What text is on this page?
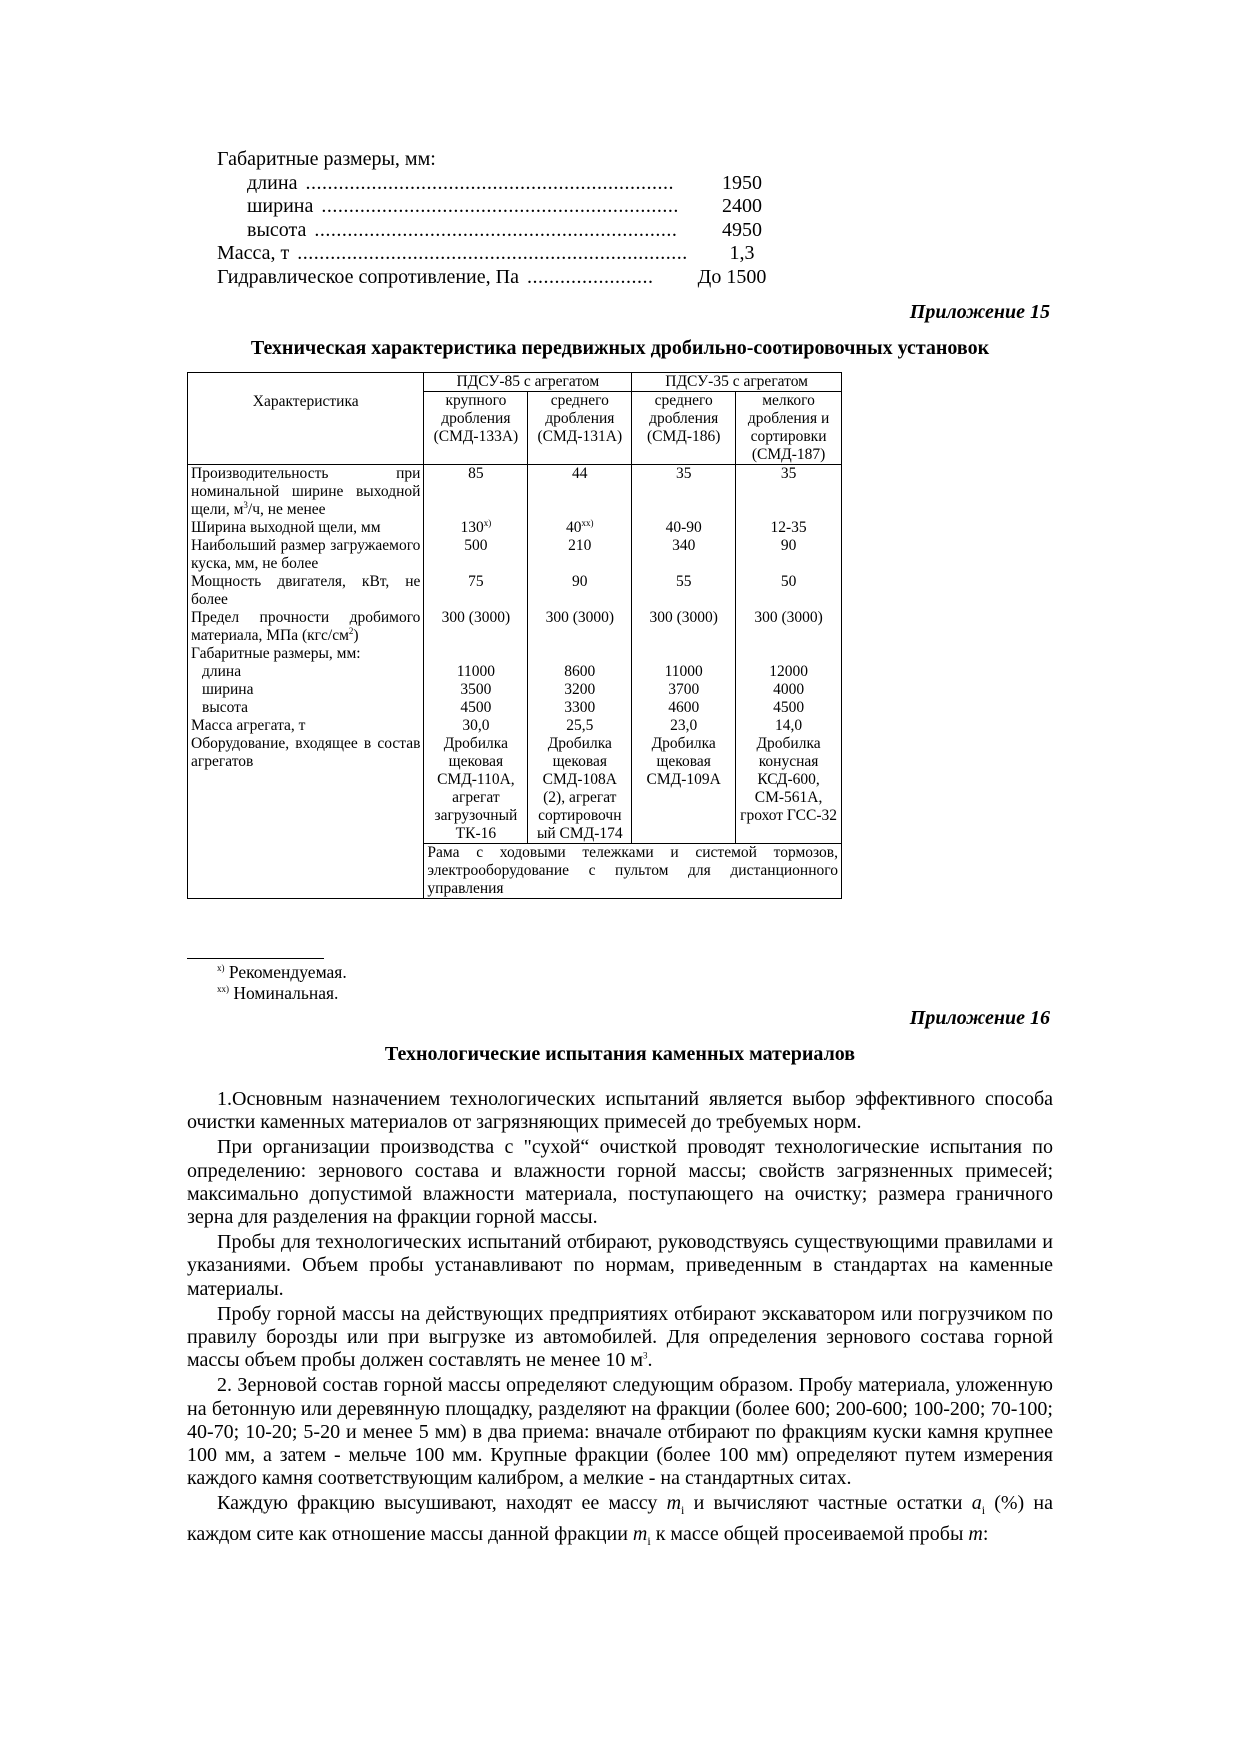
Габаритные размеры, мм:
длина ...................................................................	1950
ширина .................................................................	2400
высота ..................................................................	4950
Масса, т .......................................................................	1,3
Гидравлическое сопротивление, Па .......................	До 1500
Приложение 15
Техническая характеристика передвижных дробильно-соотировочных установок
Характеристика	ПДСУ-85 с агрегатом		ПДСУ-35 с агрегатом	
	крупного дробления (СМД-133А)	среднего дробления (СМД-131А)	среднего дробления (СМД-186)	мелкого дробления и сортировки (СМД-187)
Производительность при номинальной ширине выходной щели, $м^3/ч$, не менее	85	44	35	35
Ширина выходной щели, мм	130$^{x)}$	40$^{xx)}$	40-90	12-35
Наибольший размер загружаемого куска, мм, не более	500	210	340	90
Мощность двигателя, кВт, не более	75	90	55	50
Предел прочности дробимого материала, МПа $(кгс/см^2)$	300 (3000)	300 (3000)	300 (3000)	300 (3000)
Габаритные размеры, мм:				
длина	11000	8600	11000	12000
ширина	3500	3200	3700	4000
высота	4500	3300	4600	4500
Масса агрегата, т	30,0	25,5	23,0	14,0
Оборудование, входящее в состав агрегатов	Дробилка щековая СМД-110А, агрегат загрузочный ТК-16	Дробилка щековая СМД-108А (2), агрегат сортировочн ый СМД-174	Дробилка щековая СМД-109А	Дробилка конусная КСД-600, СМ-561А, грохот ГСС-32
	Рама с ходовыми тележками и системой тормозов, электрооборудование с пультом для дистанционного управления			
$^{x)}$ Рекомендуемая.
$^{xx)}$ Номинальная.
Приложение 16
Технологические испытания каменных материалов

1.Основным назначением технологических испытаний является выбор эффективного способа очистки каменных материалов от загрязняющих примесей до требуемых норм.

При организации производства с "сухой“ очисткой проводят технологические испытания по определению: зернового состава и влажности горной массы; свойств загрязненных примесей; максимально допустимой влажности материала, поступающего на очистку; размера граничного зерна для разделения на фракции горной массы.

Пробы для технологических испытаний отбирают, руководствуясь существующими правилами и указаниями. Объем пробы устанавливают по нормам, приведенным в стандартах на каменные материалы.

Пробу горной массы на действующих предприятиях отбирают экскаватором или погрузчиком по правилу борозды или при выгрузке из автомобилей. Для определения зернового состава горной массы объем пробы должен составлять не менее 10 $м^3$.

2. Зерновой состав горной массы определяют следующим образом. Пробу материала, уложенную на бетонную или деревянную площадку, разделяют на фракции (более 600; 200-600; 100-200; 70-100; 40-70; 10-20; 5-20 и менее 5 мм) в два приема: вначале отбирают по фракциям куски камня крупнее 100 мм, а затем - мельче 100 мм. Крупные фракции (более 100 мм) определяют путем измерения каждого камня соответствующим калибром, а мелкие - на стандартных ситах.

Каждую фракцию высушивают, находят ее массу $m_i$ и вычисляют частные остатки $a_i$ (%) на каждом сите как отношение массы данной фракции $m_i$ к массе общей просеиваемой пробы m:
